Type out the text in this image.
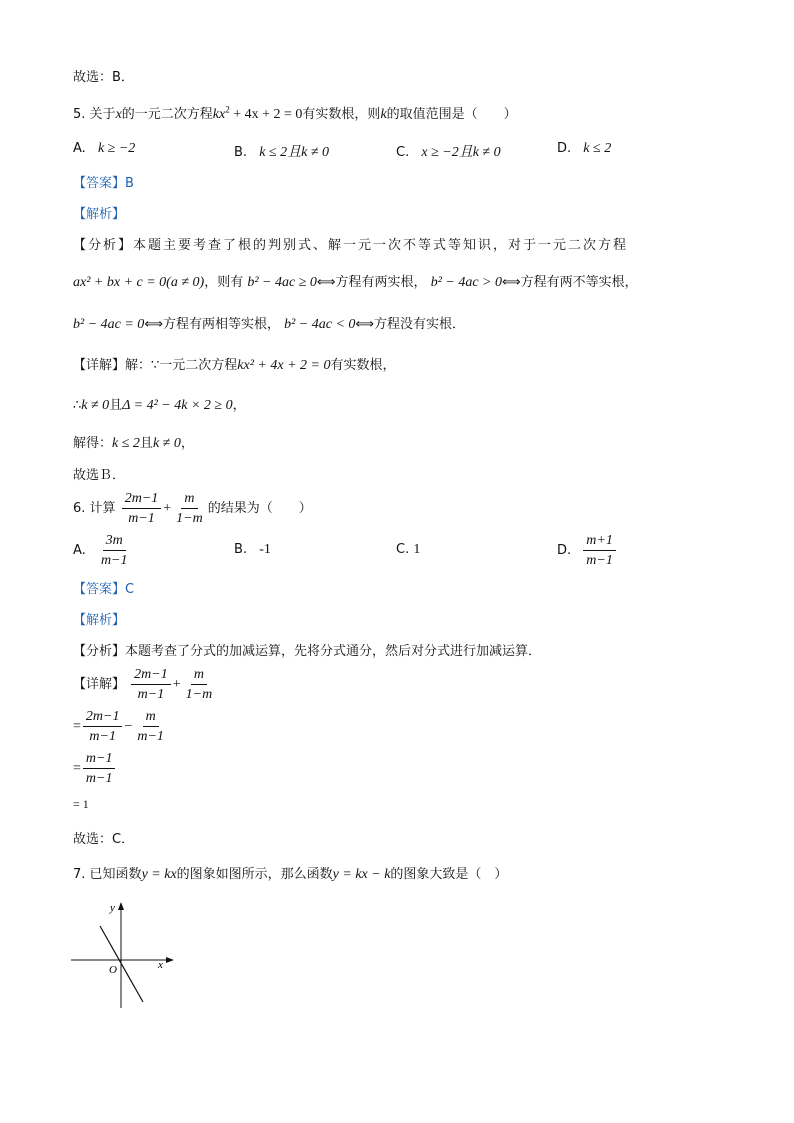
故选：B．
5. 关于x的一元二次方程$kx^2 + 4x + 2 = 0$有实数根，则k的取值范围是（　　）
A. k ≥ −2	B. k ≤ 2且k ≠ 0	C. x ≥ −2且k ≠ 0	D. k ≤ 2
【答案】B
【解析】
【分析】本题主要考查了根的判别式、解一元一次不等式等知识，对于一元二次方程
ax² + bx + c = 0(a ≠ 0)，则有 b² − 4ac ≥ 0⟺方程有两实根， b² − 4ac > 0⟺方程有两不等实根，
b² − 4ac = 0⟺方程有两相等实根， b² − 4ac < 0⟺方程没有实根．
【详解】解：∵一元二次方程kx² + 4x + 2 = 0有实数根，
∴k ≠ 0且Δ = 4² − 4k × 2 ≥ 0，
解得：k ≤ 2且k ≠ 0，
故选Ｂ．
6. 计算 $\frac{2m-1}{m-1} + \frac{m}{1-m}$ 的结果为（　　）
A. $\frac{3m}{m-1}$	B. -1	C. 1	D. $\frac{m+1}{m-1}$
【答案】C
【解析】
【分析】本题考查了分式的加减运算，先将分式通分，然后对分式进行加减运算．
【详解】 $\frac{2m-1}{m-1} + \frac{m}{1-m}$
= $\frac{2m-1}{m-1} - \frac{m}{m-1}$
= $\frac{m-1}{m-1}$
= 1
故选：C．
7. 已知函数y = kx的图象如图所示，那么函数y = kx − k的图象大致是（　）
y
x
O
